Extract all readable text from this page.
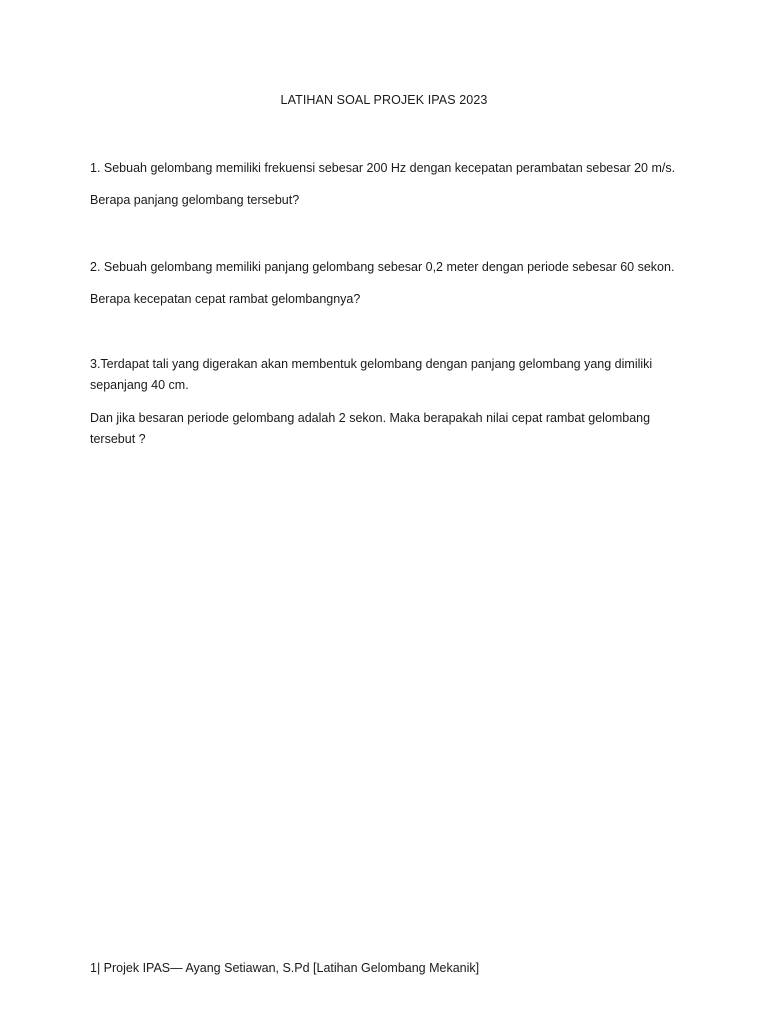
LATIHAN SOAL PROJEK IPAS 2023
1. Sebuah gelombang memiliki frekuensi sebesar 200 Hz dengan kecepatan perambatan sebesar 20 m/s.
Berapa panjang gelombang tersebut?
2. Sebuah gelombang memiliki panjang gelombang sebesar 0,2 meter dengan periode sebesar 60 sekon.
Berapa kecepatan cepat rambat gelombangnya?
3.Terdapat tali yang digerakan akan membentuk gelombang dengan panjang gelombang yang dimiliki sepanjang 40 cm.
Dan jika besaran periode gelombang adalah 2 sekon. Maka berapakah nilai cepat rambat gelombang tersebut ?
1| Projek IPAS— Ayang Setiawan, S.Pd [Latihan Gelombang Mekanik]
